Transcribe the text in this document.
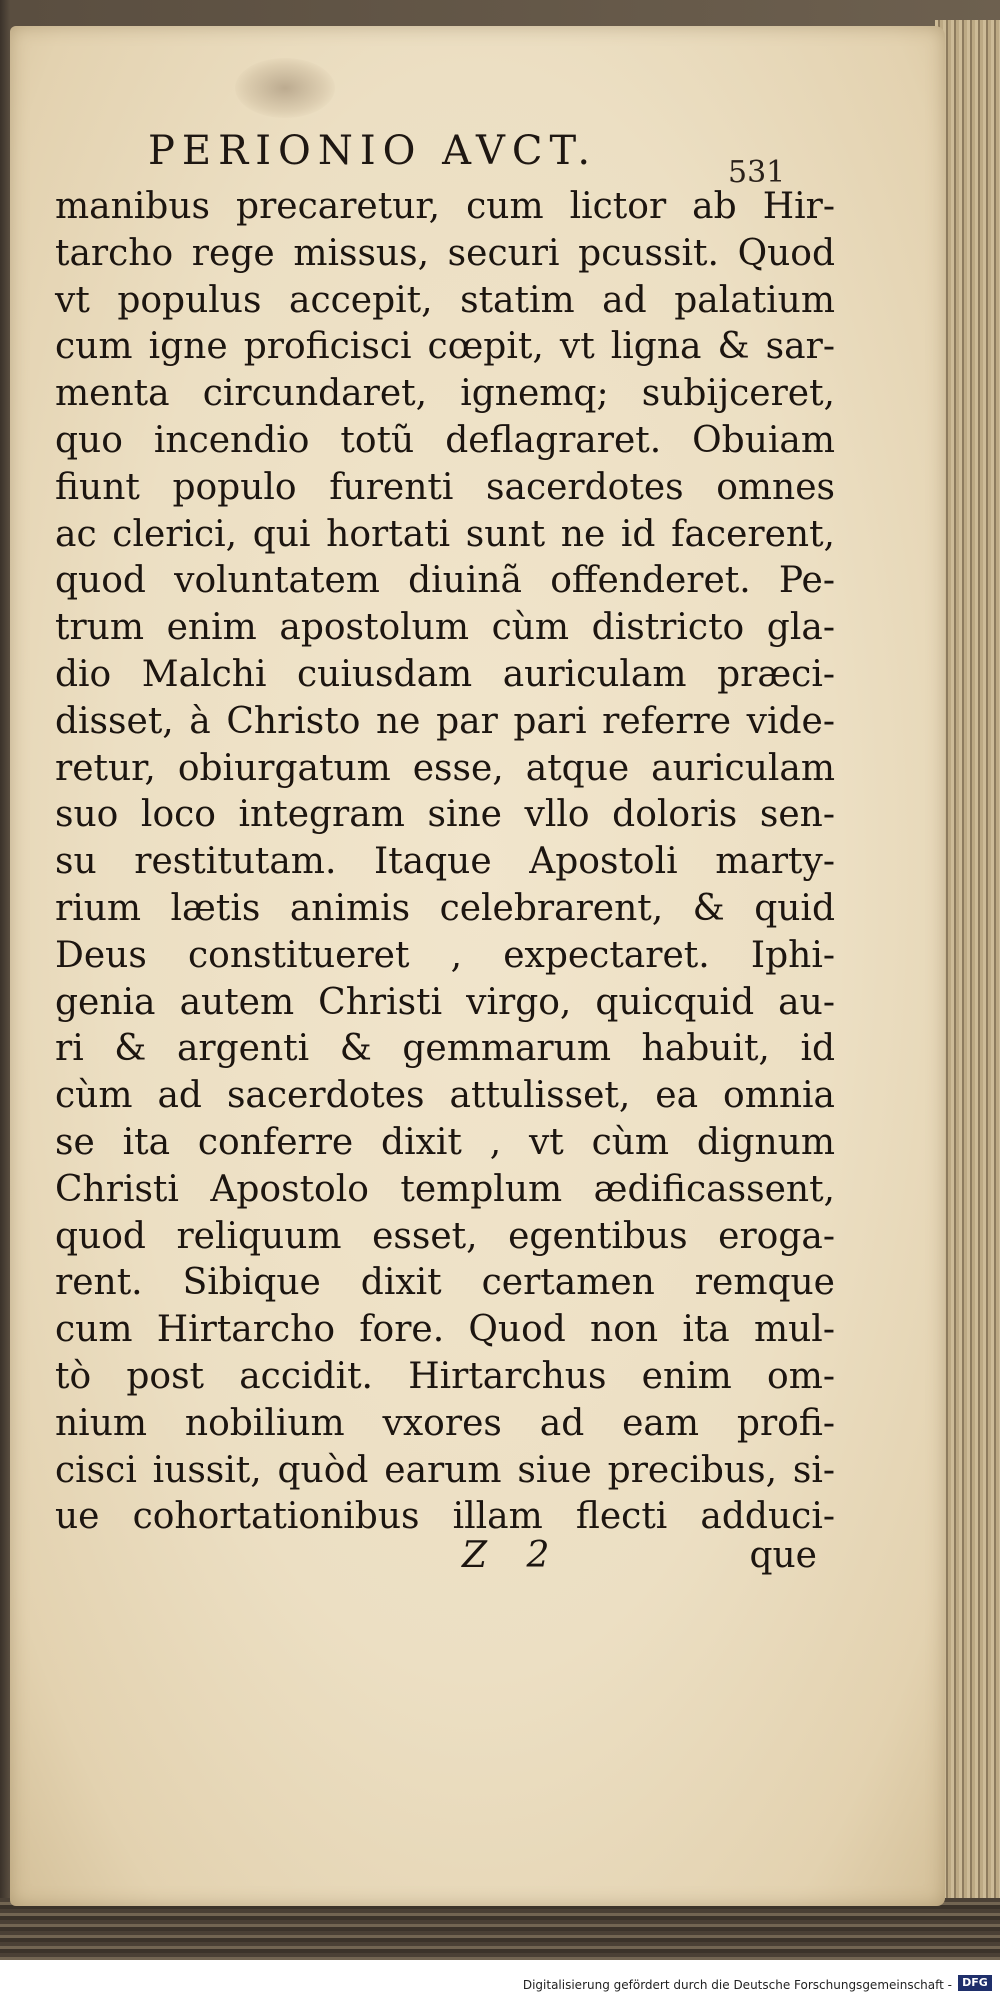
PERIONIO AVCT.	531
manibus precaretur, cum lictor ab Hir-
tarcho rege missus, securi pcussit. Quod
vt populus accepit, statim ad palatium
cum igne proficisci cœpit, vt ligna & sar-
menta circundaret, ignemq; subijceret,
quo incendio totũ deflagraret. Obuiam
fiunt populo furenti sacerdotes omnes
ac clerici, qui hortati sunt ne id facerent,
quod voluntatem diuinã offenderet. Pe-
trum enim apostolum cùm districto gla-
dio Malchi cuiusdam auriculam præci-
disset, à Christo ne par pari referre vide-
retur, obiurgatum esse, atque auriculam
suo loco integram sine vllo doloris sen-
su restitutam. Itaque Apostoli marty-
rium lætis animis celebrarent, & quid
Deus constitueret , expectaret. Iphi-
genia autem Christi virgo, quicquid au-
ri & argenti & gemmarum habuit, id
cùm ad sacerdotes attulisset, ea omnia
se ita conferre dixit , vt cùm dignum
Christi Apostolo templum ædificassent,
quod reliquum esset, egentibus eroga-
rent. Sibique dixit certamen remque
cum Hirtarcho fore. Quod non ita mul-
tò post accidit. Hirtarchus enim om-
nium nobilium vxores ad eam profi-
cisci iussit, quòd earum siue precibus, si-
ue cohortationibus illam flecti adduci-
Z 2	que
Digitalisierung gefördert durch die Deutsche Forschungsgemeinschaft - DFG
